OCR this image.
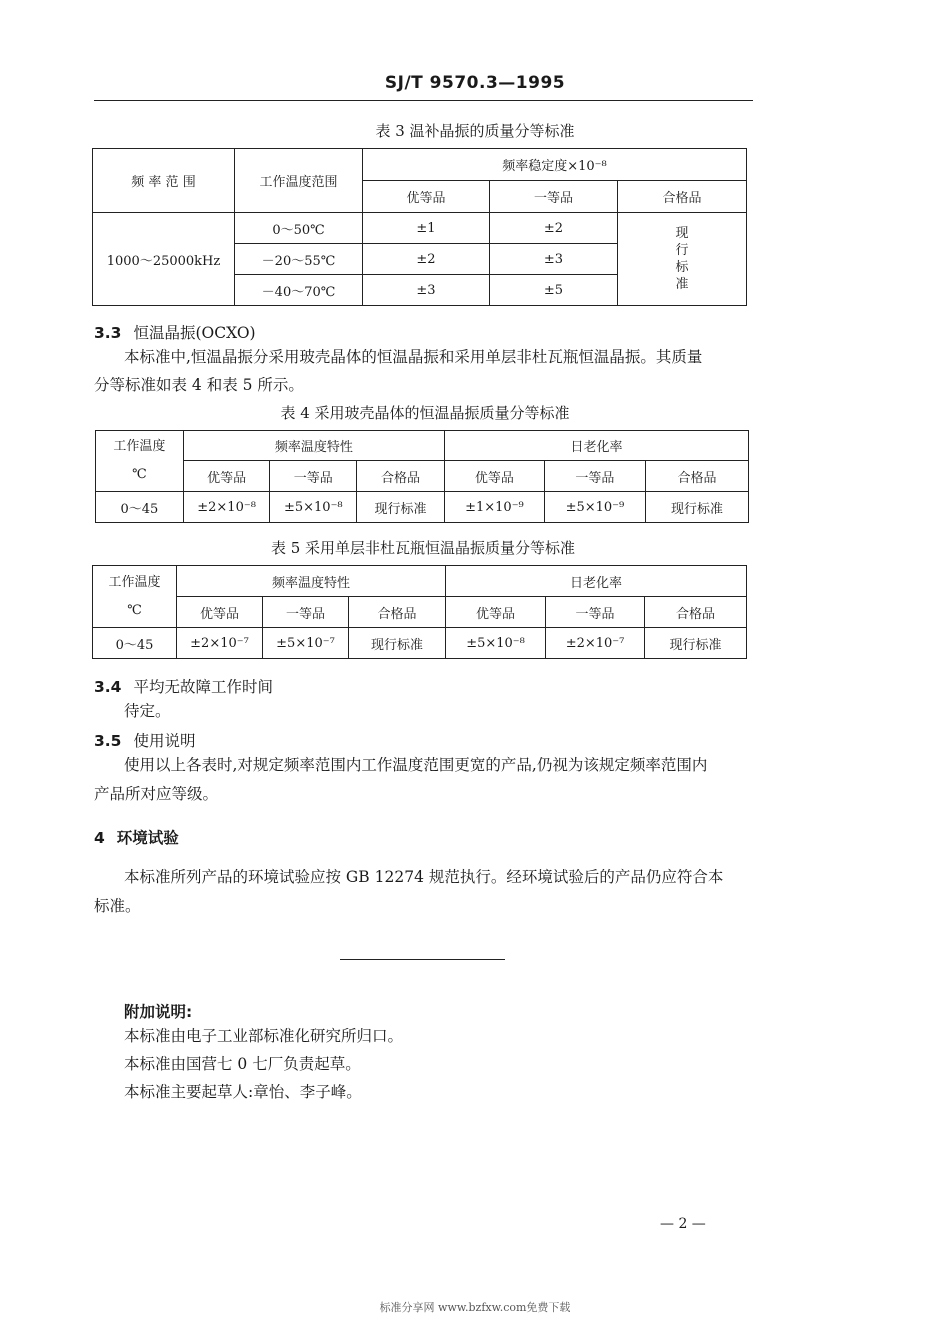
SJ/T 9570.3—1995
表 3 温补晶振的质量分等标准
频 率 范 围	工作温度范围	频率稳定度×10⁻⁸		
		优等品	一等品	合格品
1000～25000kHz	0～50℃	±1	±2	现行标准

	－20～55℃	±2	±3	
	－40～70℃	±3	±5	
3.3 恒温晶振(OCXO)
本标准中,恒温晶振分采用玻壳晶体的恒温晶振和采用单层非杜瓦瓶恒温晶振。其质量
分等标准如表 4 和表 5 所示。
表 4 采用玻壳晶体的恒温晶振质量分等标准
工作温度
℃	频率温度特性			日老化率		
	优等品	一等品	合格品	优等品	一等品	合格品
0～45	±2×10⁻⁸	±5×10⁻⁸	现行标准	±1×10⁻⁹	±5×10⁻⁹	现行标准
表 5 采用单层非杜瓦瓶恒温晶振质量分等标准
工作温度
℃	频率温度特性			日老化率		
	优等品	一等品	合格品	优等品	一等品	合格品
0～45	±2×10⁻⁷	±5×10⁻⁷	现行标准	±5×10⁻⁸	±2×10⁻⁷	现行标准
3.4 平均无故障工作时间
待定。
3.5 使用说明
使用以上各表时,对规定频率范围内工作温度范围更宽的产品,仍视为该规定频率范围内
产品所对应等级。
4 环境试验
本标准所列产品的环境试验应按 GB 12274 规范执行。经环境试验后的产品仍应符合本
标准。
附加说明:
本标准由电子工业部标准化研究所归口。
本标准由国营七 0 七厂负责起草。
本标准主要起草人:章怡、李子峰。
— 2 —
标准分享网 www.bzfxw.com免费下载
